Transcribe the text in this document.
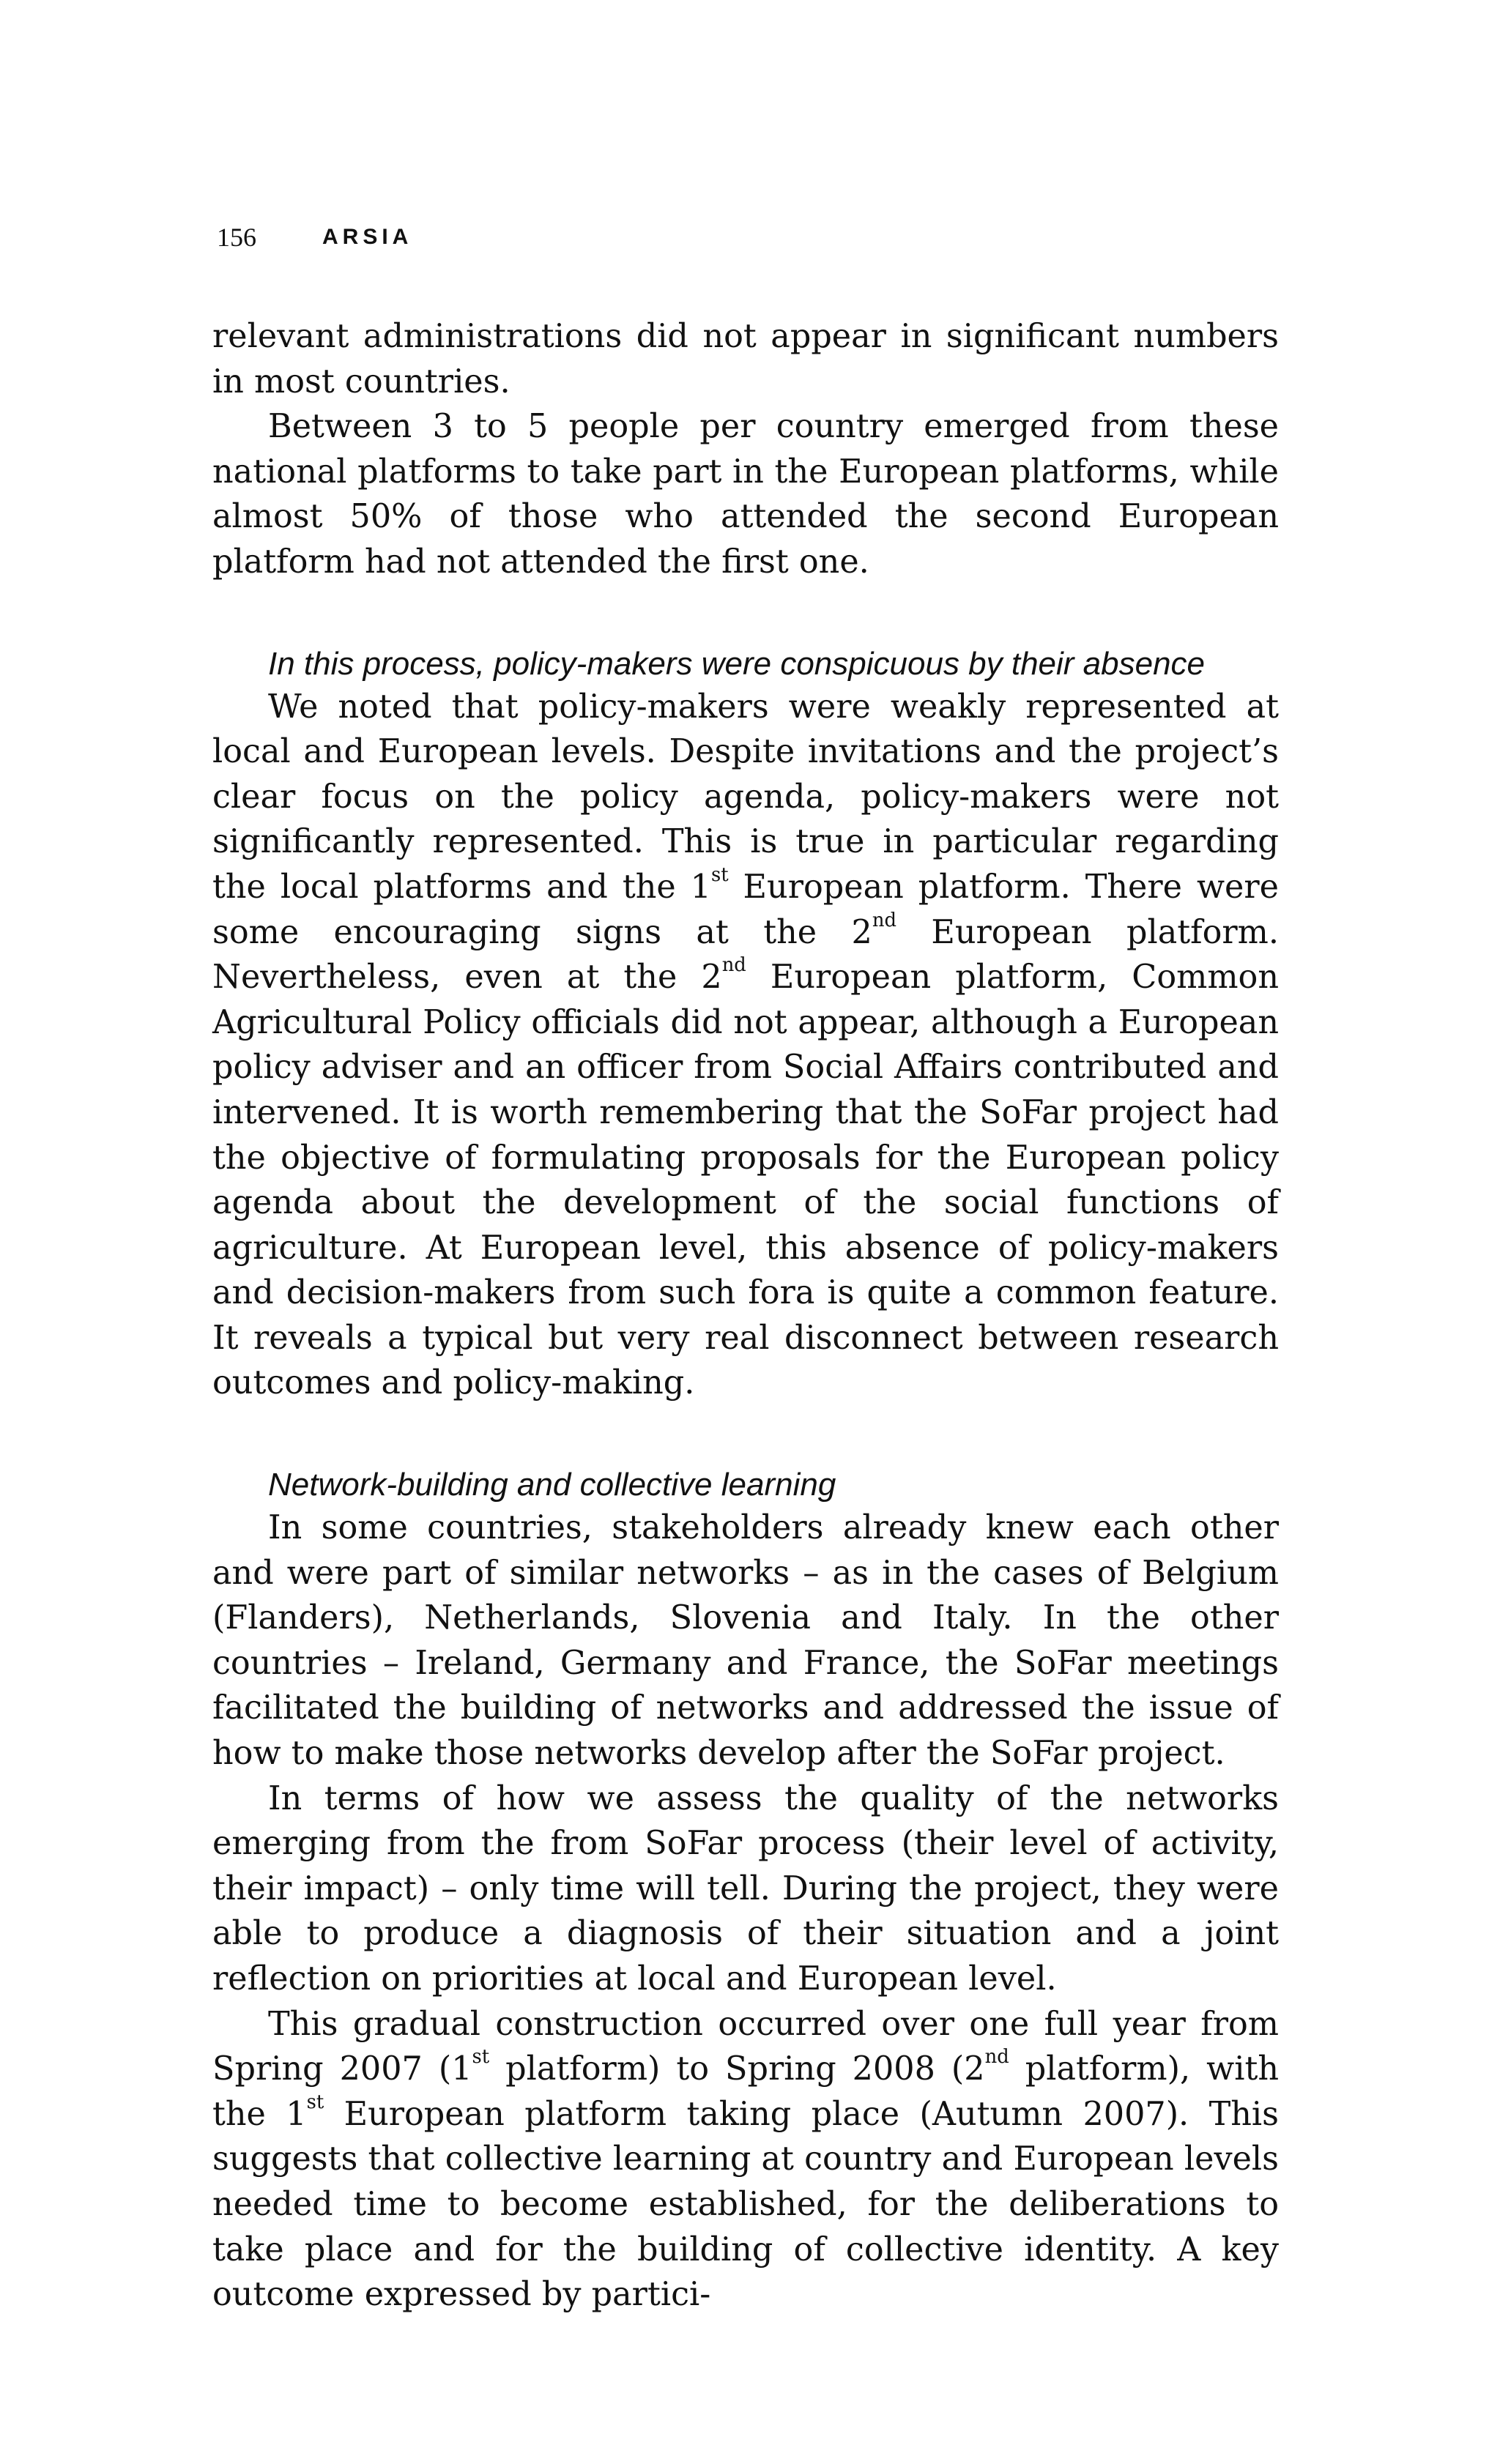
156	ARSIA

relevant administrations did not appear in significant numbers in most countries.

Between 3 to 5 people per country emerged from these national platforms to take part in the European platforms, while almost 50% of those who attended the second European platform had not attended the first one.

In this process, policy-makers were conspicuous by their absence

We noted that policy-makers were weakly represented at local and European levels. Despite invitations and the project’s clear focus on the policy agenda, policy-makers were not significantly represented. This is true in particular regarding the local platforms and the 1st European platform. There were some encouraging signs at the 2nd European platform. Nevertheless, even at the 2nd European platform, Common Agricultural Policy officials did not appear, although a European policy adviser and an officer from Social Affairs contributed and intervened. It is worth remembering that the SoFar project had the objective of formulating proposals for the European policy agenda about the development of the social functions of agriculture. At European level, this absence of policy-makers and decision-makers from such fora is quite a common feature. It reveals a typical but very real disconnect between research outcomes and policy-making.

Network-building and collective learning

In some countries, stakeholders already knew each other and were part of similar networks – as in the cases of Belgium (Flanders), Netherlands, Slovenia and Italy. In the other countries – Ireland, Germany and France, the SoFar meetings facilitated the building of networks and addressed the issue of how to make those networks develop after the SoFar project.

In terms of how we assess the quality of the networks emerging from the from SoFar process (their level of activity, their impact) – only time will tell. During the project, they were able to produce a diagnosis of their situation and a joint reflection on priorities at local and European level.

This gradual construction occurred over one full year from Spring 2007 (1st platform) to Spring 2008 (2nd platform), with the 1st European platform taking place (Autumn 2007). This suggests that collective learning at country and European levels needed time to become established, for the deliberations to take place and for the building of collective identity. A key outcome expressed by partici-
